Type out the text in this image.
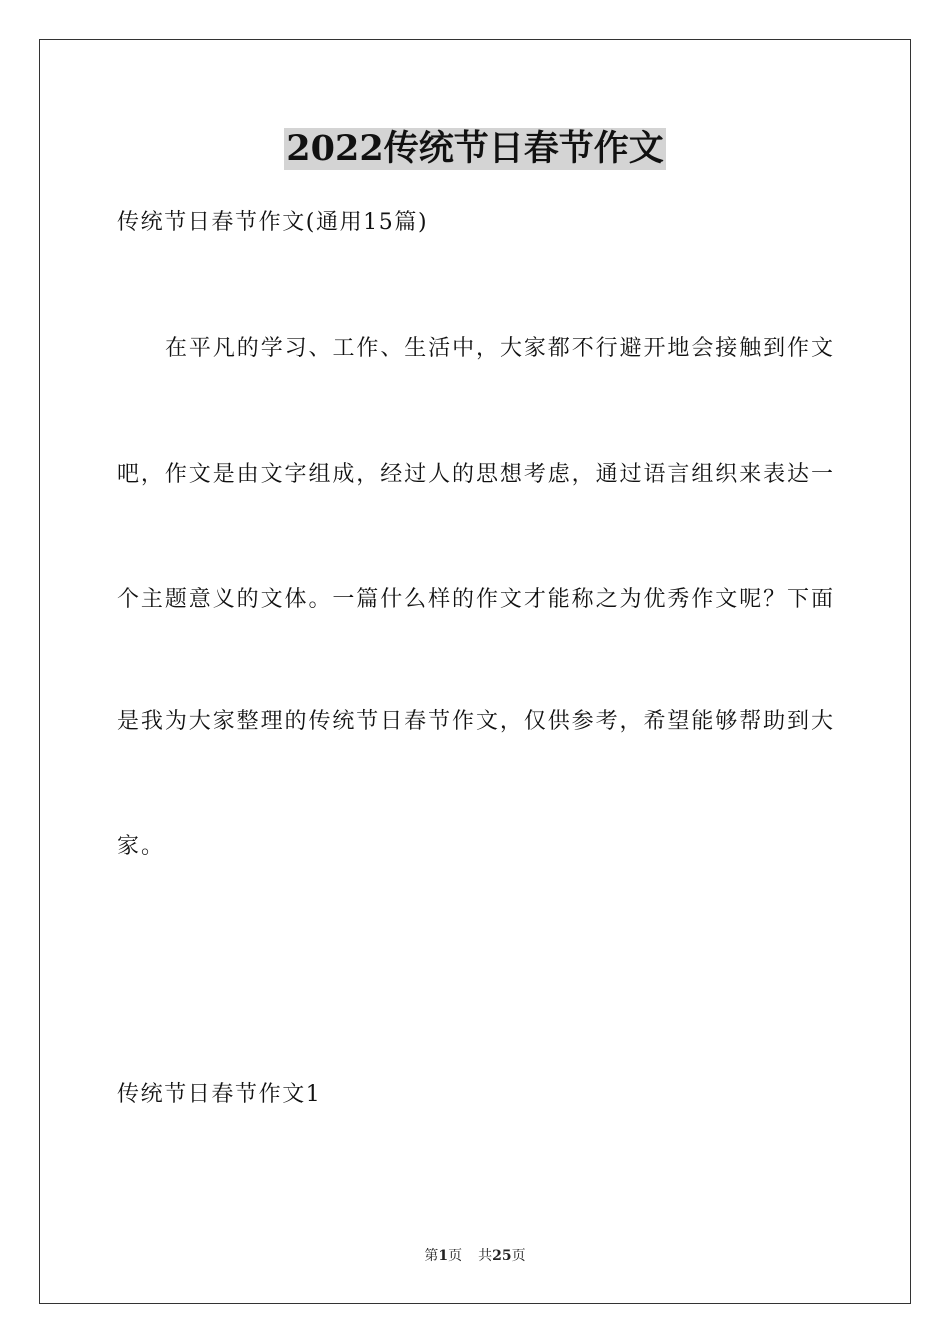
2022传统节日春节作文
传统节日春节作文(通用15篇)
在平凡的学习、工作、生活中，大家都不行避开地会接触到作文
吧，作文是由文字组成，经过人的思想考虑，通过语言组织来表达一
个主题意义的文体。一篇什么样的作文才能称之为优秀作文呢？下面
是我为大家整理的传统节日春节作文，仅供参考，希望能够帮助到大
家。
传统节日春节作文1
第1页 共25页
